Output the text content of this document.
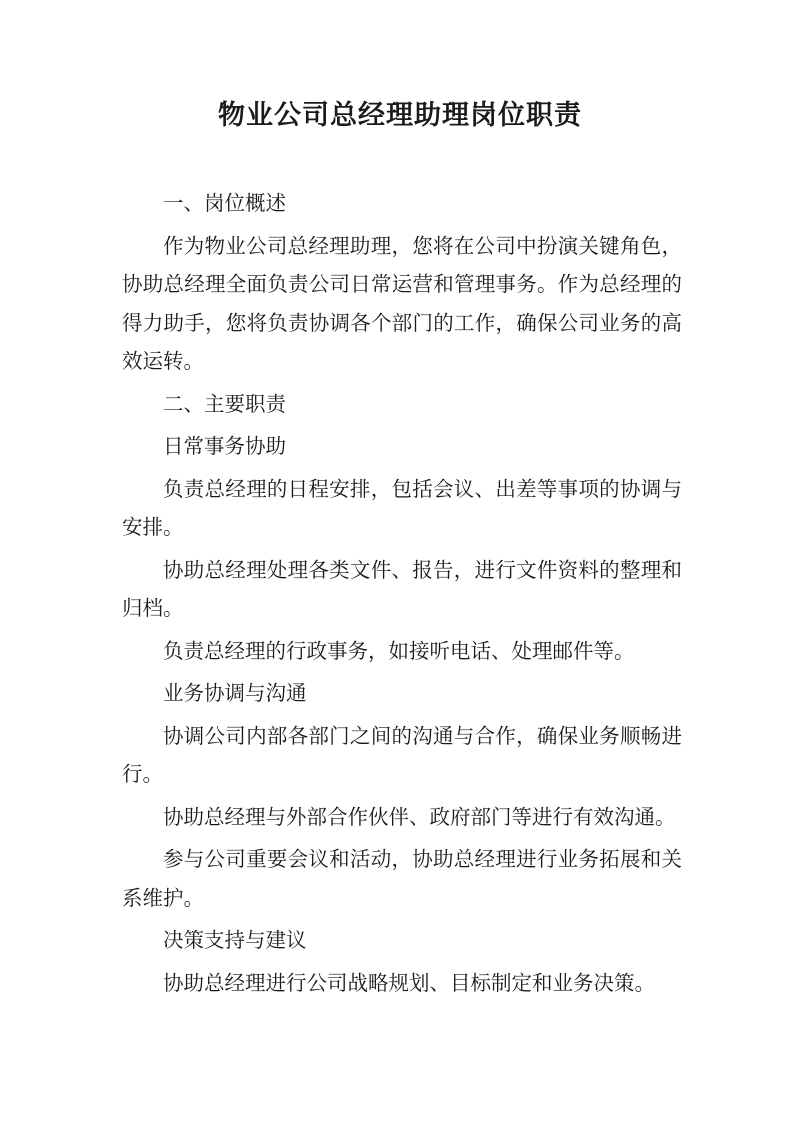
物业公司总经理助理岗位职责

一、岗位概述

作为物业公司总经理助理，您将在公司中扮演关键角色，协助总经理全面负责公司日常运营和管理事务。作为总经理的得力助手，您将负责协调各个部门的工作，确保公司业务的高效运转。

二、主要职责

日常事务协助

负责总经理的日程安排，包括会议、出差等事项的协调与安排。

协助总经理处理各类文件、报告，进行文件资料的整理和归档。

负责总经理的行政事务，如接听电话、处理邮件等。

业务协调与沟通

协调公司内部各部门之间的沟通与合作，确保业务顺畅进行。

协助总经理与外部合作伙伴、政府部门等进行有效沟通。

参与公司重要会议和活动，协助总经理进行业务拓展和关系维护。

决策支持与建议

协助总经理进行公司战略规划、目标制定和业务决策。
